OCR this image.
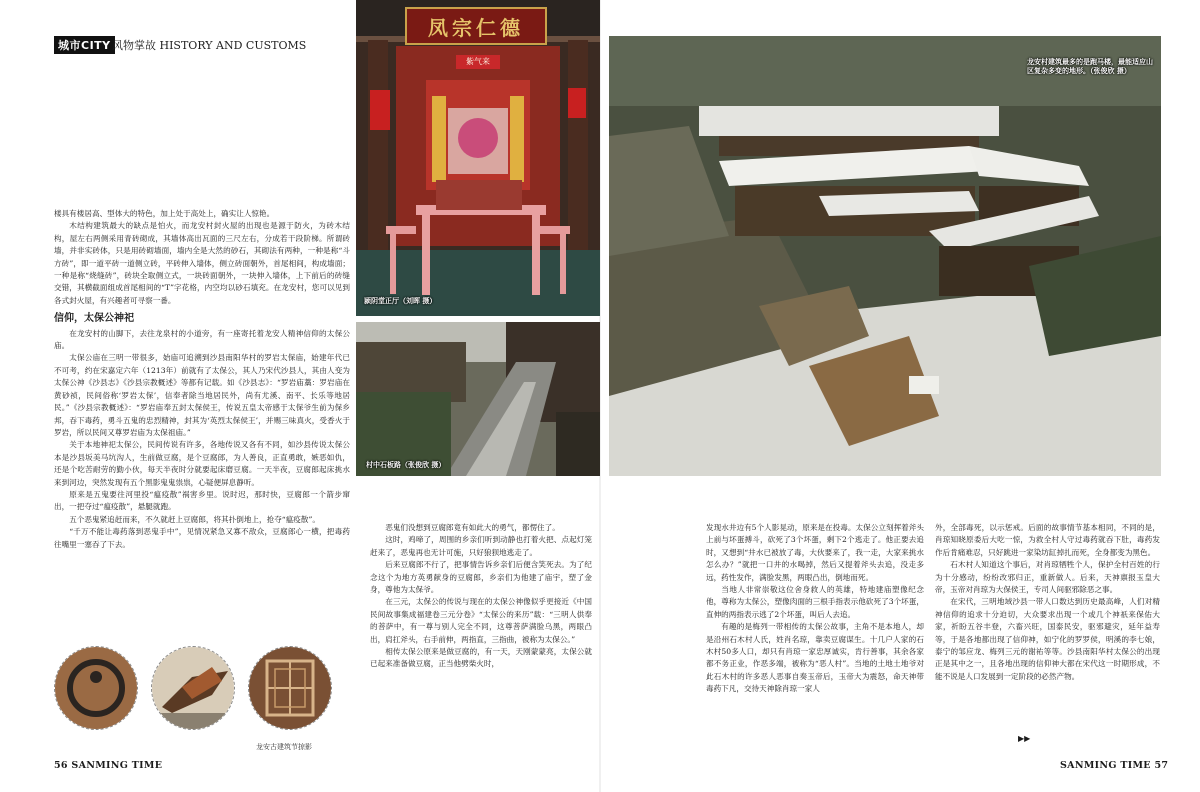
城市CITY 风物掌故 HISTORY AND CUSTOMS

楼具有楼居高、型体大的特色，加上处于高处上，确实让人惊艳。

木结构建筑最大的缺点是怕火，而龙安村封火屋的出现也是源于防火，为砖木结构，屋左右两侧采用青砖砌成，其墙体高出瓦面的三尺左右，分成若干段阶梯。所谓砖墙，并非实砖体，只是用砖砌墙面，墙内全是大然的砂石，其砌法有两种，一种是称“斗方砖”，即一道平砖一道侧立砖，平砖伸入墙体，侧立砖面朝外，首尾相间，构成墙面；一种是称“烧缝砖”，砖块全取侧立式，一块砖面朝外，一块伸入墙体，上下前后的砖缝交错，其横截面组成首尾相间的“T”字花格，内空均以砂石填充。在龙安村，您可以见到各式封火屋，有兴趣者可寻察一番。

信仰，太保公神祀

在龙安村的山脚下，去往龙泉村的小道旁，有一座寄托着龙安人精神信仰的太保公庙。

太保公庙在三明一带很多，始庙可追溯到沙县南阳华村的罗岩太保庙，始建年代已不可考，约在宋嘉定六年（1213年）前就有了太保公，其人乃宋代沙县人，其由人变为太保公神《沙县志》《沙县宗教概述》等都有记载。如《沙县志》：“罗岩庙藁：罗岩庙在黄砂祯，民间俗称‘罗岩太保’，信奉者除当地居民外，尚有尤溪、南平、长乐等地居民。”《沙县宗教概述》：“罗岩庙奉五封太保侯王，传说五皇太帝感于太保爷生前为保乡邦，吞下毒药，勇斗五鬼的忠烈精神，封其为‘英烈太保侯王’，并赐三味真火，受香火于罗岩，所以民间又尊罗岩庙为太保祖庙。”

关于本地神祀太保公，民间传说有许多，各地传说又各有不同，如沙县传说太保公本是沙县坂美马坑沟人，生前做豆腐，是个豆腐郎，为人善良，正直勇敢，嫉恶如仇，还是个吃苦耐劳的勤小伙，每天半夜时分就要起床磨豆腐。一天半夜，豆腐郎起床挑水来到河边，突然发现有五个黑影鬼鬼祟祟，心疑便屏息静听。

原来是五鬼要往河里投“瘟疫散”祸害乡里。说时迟，那时快，豆腐郎一个箭步窜出，一把夺过“瘟疫散”，悬腿就跑。

五个恶鬼紧追赶而来，不久就赶上豆腐郎，将其扑倒地上，抢夺“瘟疫散”。

“千万不能让毒药落到恶鬼手中”，见情况紧急又寡不敌众，豆腐郎心一横，把毒药往嘴里一塞吞了下去。

凤宗仁德
紫气来
颍阴堂正厅（刘晖 摄）
村中石板路（张俊欣 摄）
龙安村建筑最多的是跑马楼，最能适应山区复杂多变的地形。（张俊欣 摄）
龙安古建筑节掠影

恶鬼们没想到豆腐郎竟有如此大的勇气，都愣住了。

这时，鸡啼了，周围的乡亲们听到动静也打着火把、点起灯笼赶来了，恶鬼再也无计可施，只好狼狈地逃走了。

后来豆腐郎不行了，把事情告诉乡亲们后便含笑死去。为了纪念这个为地方英勇献身的豆腐郎，乡亲们为他建了庙宇，塑了金身，尊他为太保爷。

在三元，太保公的传说与现在的太保公神像似乎更接近《中国民间故事集成福建卷三元分卷》“太保公的来历”载：“三明人供奉的菩萨中，有一尊与别人完全不同，这尊菩萨满脸乌黑，两眼凸出，肩扛斧头，右手前伸，两指直，三指曲，被称为太保公。”

相传太保公原来是做豆腐的，有一天，天刚蒙蒙亮，太保公就已起来准备做豆腐，正当他劈柴火时，

发现水井边有5个人影晃动，原来是在投毒。太保公立刻挥着斧头上前与坏蛋搏斗，砍死了3个坏蛋，剩下2个逃走了。他正要去追时，又想到“井水已被放了毒，大伙要来了，我一走，大家来挑水怎么办？”就把一口井的水喝掉，然后又提着斧头去追，没走多远，药性发作，满脸发黑，两眼凸出，倒地而死。

当地人非常崇敬这位舍身救人的英雄，特地建庙塑像纪念他，尊称为太保公，塑像肉面的三根手指表示他砍死了3个坏蛋，直伸的两指表示逃了2个坏蛋，叫后人去追。

有趣的是梅列一带相传的太保公故事，主角不是本地人，却是沿州石木村人氏，姓肖名琼，靠卖豆腐谋生。十几户人家的石木村50多人口，却只有肖琼一家忠厚诚实，肯行善事，其余各家都不务正业，作恶多端，被称为“恶人村”。当地的土地土地爷对此石木村的许多恶人恶事自奏玉帝后，玉帝大为震怒，命天神带毒药下凡，交待天神除肖琼一家人

外，全部毒死，以示惩戒。后面的故事情节基本相同，不同的是，肖琼知晓原委后大吃一惊，为救全村人守过毒药就吞下肚，毒药发作后肯痛难忍，只好跳进一家染坊缸掉扎而死，全身都变为黑色。

石木村人知道这个事后，对肖琼牺牲个人，保护全村百姓的行为十分感动，纷纷改邪归正，重新做人。后来，天神禀报玉皇大帝，玉帝对肖琼为大保侯王，专司人间驱邪除恶之事。

在宋代，三明地域沙县一带人口数达到历史最高峰，人们对精神信仰的追求十分迫切，大众要求出现一个或几个神祇来保佑大家，祈盼五谷丰登，六畜兴旺，国泰民安，驱邪避灾，延年益寿等，于是各地都出现了信仰神，如宁化的罗罗侯，明溪的李七娘，泰宁的邹应龙、梅列三元的谢祐等等。沙县南阳华村太保公的出现正是其中之一，且各地出现的信仰神大都在宋代这一时期形成，不能不说是人口发展到一定阶段的必然产物。

▶▶
56 SANMING TIME	SANMING TIME 57
